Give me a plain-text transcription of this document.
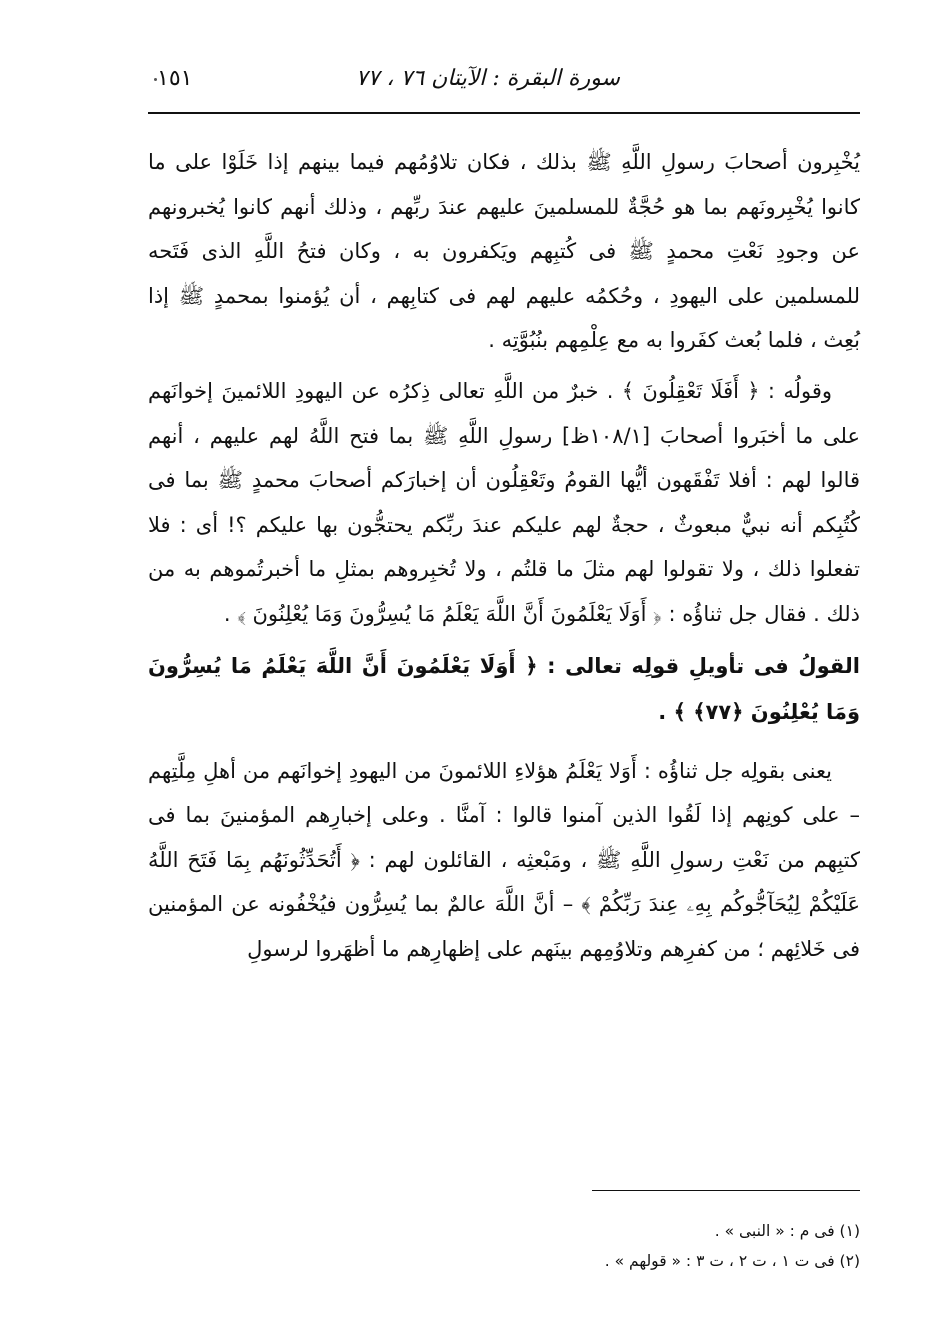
١٥١	سورة البقرة : الآيتان ٧٦ ، ٧٧

يُخْبِرون أصحابَ رسولِ اللَّهِ ﷺ بذلك ، فكان تلاوُمُهم فيما بينهم إذا خَلَوْا على ما كانوا يُخْبِرونَهم بما هو حُجَّةٌ للمسلمينَ عليهم عندَ ربِّهم ، وذلك أنهم كانوا يُخبرونهم عن وجودِ نَعْتِ محمدٍ ﷺ فى كُتبِهم ويَكفرون به ، وكان فتحُ اللَّهِ الذى فَتَحه للمسلمين على اليهودِ ، وحُكمُه عليهم لهم فى كتابِهم ، أن يُؤمنوا بمحمدٍ ﷺ إذا بُعِث ، فلما بُعث كفَروا به مع عِلْمِهم بنُبُوَّتِه .

وقولُه : ﴿ أَفَلَا تَعْقِلُونَ ﴾ . خبرٌ من اللَّهِ تعالى ذِكرُه عن اليهودِ اللائمينَ إخوانَهم على ما أخبَروا أصحابَ [١٠٨/١ظ] رسولِ اللَّهِ ﷺ بما فتح اللَّهُ لهم عليهم ، أنهم قالوا لهم : أفلا تَفْقَهون أيُّها القومُ وتَعْقِلُون أن إخبارَكم أصحابَ محمدٍ ﷺ بما فى كُتُبِكم أنه نبيٌّ مبعوثٌ ، حجةٌ لهم عليكم عندَ ربِّكم يحتجُّون بها عليكم ؟! أى : فلا تفعلوا ذلك ، ولا تقولوا لهم مثلَ ما قلتُم ، ولا تُخبِروهم بمثلِ ما أخبرتُموهم به من ذلك . فقال جل ثناؤُه : ﴿ أَوَلَا يَعْلَمُونَ أَنَّ اللَّهَ يَعْلَمُ مَا يُسِرُّونَ وَمَا يُعْلِنُونَ ﴾ .

القولُ فى تأويلِ قولِه تعالى : ﴿ أَوَلَا يَعْلَمُونَ أَنَّ اللَّهَ يَعْلَمُ مَا يُسِرُّونَ وَمَا يُعْلِنُونَ ﴿٧٧﴾ ﴾ .

يعنى بقولِه جل ثناؤُه : أَوَلا يَعْلَمُ هؤلاءِ اللائمونَ من اليهودِ إخوانَهم من أهلِ مِلَّتِهم – على كونِهم إذا لَقُوا الذين آمنوا قالوا : آمنَّا . وعلى إخبارِهم المؤمنينَ بما فى كتبِهم من نَعْتِ رسولِ اللَّهِ ﷺ ، ومَبْعثِه ، القائلون لهم : ﴿ أَتُحَدِّثُونَهُم بِمَا فَتَحَ اللَّهُ عَلَيْكُمْ لِيُحَآجُّوكُم بِهِۦ عِندَ رَبِّكُمْ ﴾ – أنَّ اللَّهَ عالمٌ بما يُسِرُّون فيُخْفُونه عن المؤمنين فى خَلائِهم ؛ من كفرِهم وتلاوُمِهم بينَهم على إظهارِهم ما أظهَروا لرسولِ

(١) فى م : « النبى » .

(٢) فى ت ١ ، ت ٢ ، ت ٣ : « قولهم » .
